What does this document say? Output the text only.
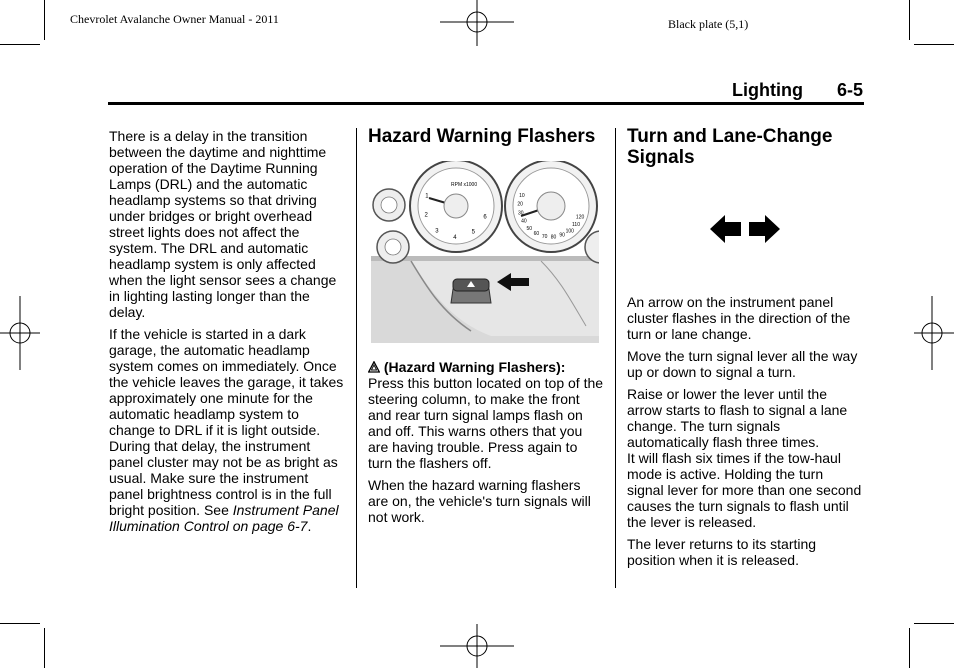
Chevrolet Avalanche Owner Manual - 2011	Black plate (5,1)
Lighting 6-5

There is a delay in the transition between the daytime and nighttime operation of the Daytime Running Lamps (DRL) and the automatic headlamp systems so that driving under bridges or bright overhead street lights does not affect the system. The DRL and automatic headlamp system is only affected when the light sensor sees a change in lighting lasting longer than the delay.

If the vehicle is started in a dark garage, the automatic headlamp system comes on immediately. Once the vehicle leaves the garage, it takes approximately one minute for the automatic headlamp system to change to DRL if it is light outside. During that delay, the instrument panel cluster may not be as bright as usual. Make sure the instrument panel brightness control is in the full bright position. See Instrument Panel Illumination Control on page 6-7.

Hazard Warning Flashers
RPM x1000
1
2
3
4
5
6
10
20
30
40
50
60 70 80 90
100
110
120

(Hazard Warning Flashers): Press this button located on top of the steering column, to make the front and rear turn signal lamps flash on and off. This warns others that you are having trouble. Press again to turn the flashers off.

When the hazard warning flashers are on, the vehicle's turn signals will not work.

Turn and Lane-Change Signals

An arrow on the instrument panel cluster flashes in the direction of the turn or lane change.

Move the turn signal lever all the way up or down to signal a turn.

Raise or lower the lever until the arrow starts to flash to signal a lane change. The turn signals automatically flash three times.

It will flash six times if the tow-haul mode is active. Holding the turn signal lever for more than one second causes the turn signals to flash until the lever is released.

The lever returns to its starting position when it is released.
